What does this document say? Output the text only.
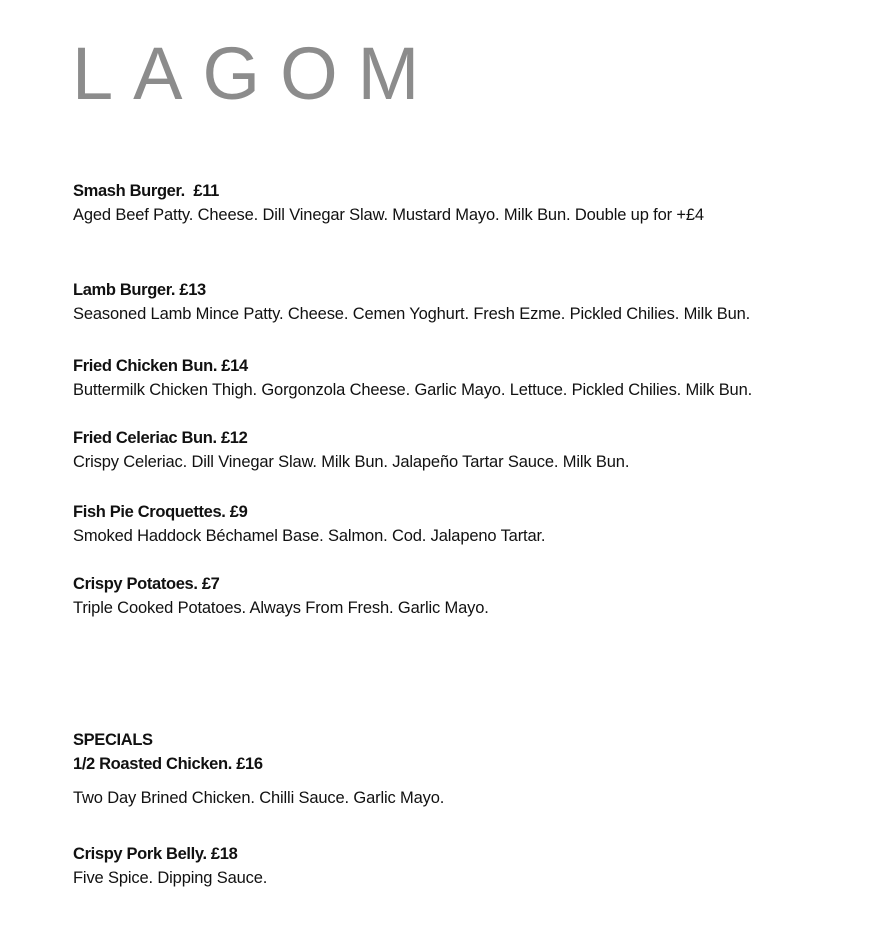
LAGOM
Smash Burger.  £11
Aged Beef Patty. Cheese. Dill Vinegar Slaw. Mustard Mayo. Milk Bun. Double up for +£4
Lamb Burger. £13
Seasoned Lamb Mince Patty. Cheese. Cemen Yoghurt. Fresh Ezme. Pickled Chilies. Milk Bun.
Fried Chicken Bun. £14
Buttermilk Chicken Thigh. Gorgonzola Cheese. Garlic Mayo. Lettuce. Pickled Chilies. Milk Bun.
Fried Celeriac Bun. £12
Crispy Celeriac. Dill Vinegar Slaw. Milk Bun. Jalapeño Tartar Sauce. Milk Bun.
Fish Pie Croquettes. £9
Smoked Haddock Béchamel Base. Salmon. Cod. Jalapeno Tartar.
Crispy Potatoes. £7
Triple Cooked Potatoes. Always From Fresh. Garlic Mayo.
SPECIALS
1/2 Roasted Chicken. £16
Two Day Brined Chicken. Chilli Sauce. Garlic Mayo.
Crispy Pork Belly. £18
Five Spice. Dipping Sauce.
